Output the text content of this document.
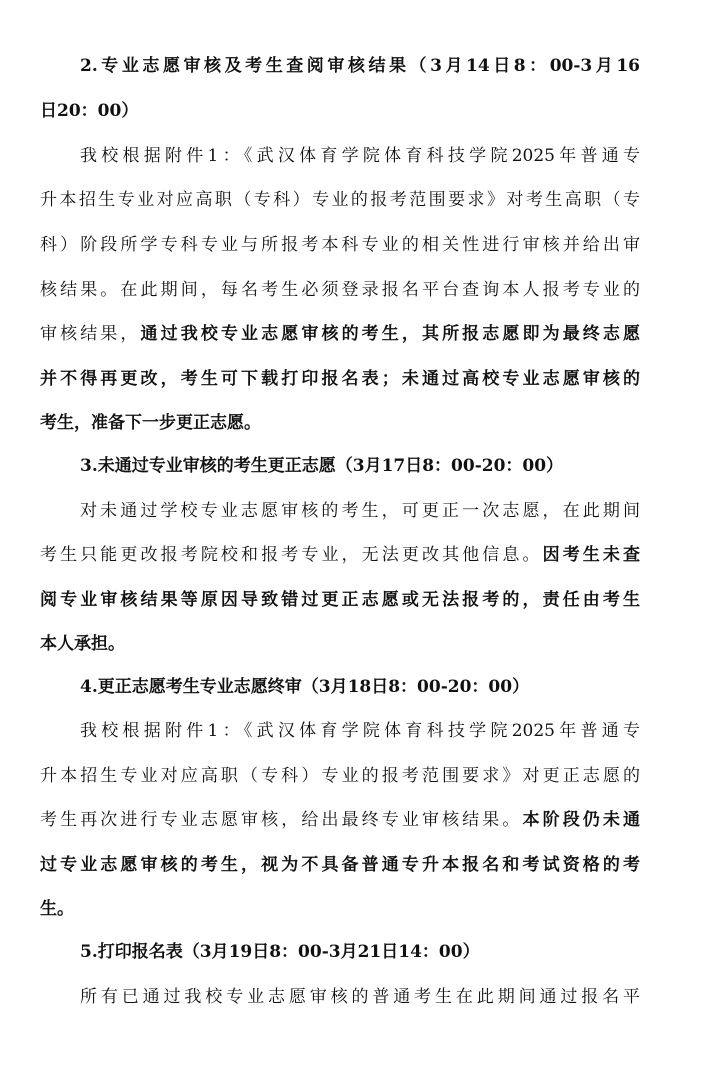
2.专业志愿审核及考生查阅审核结果（3月14日8：00-3月16
日20：00）
我校根据附件1：《武汉体育学院体育科技学院2025年普通专
升本招生专业对应高职（专科）专业的报考范围要求》对考生高职（专
科）阶段所学专科专业与所报考本科专业的相关性进行审核并给出审
核结果。在此期间，每名考生必须登录报名平台查询本人报考专业的
审核结果，通过我校专业志愿审核的考生，其所报志愿即为最终志愿
并不得再更改，考生可下载打印报名表；未通过高校专业志愿审核的
考生，准备下一步更正志愿。
3.未通过专业审核的考生更正志愿（3月17日8：00-20：00）
对未通过学校专业志愿审核的考生，可更正一次志愿，在此期间
考生只能更改报考院校和报考专业，无法更改其他信息。因考生未查
阅专业审核结果等原因导致错过更正志愿或无法报考的，责任由考生
本人承担。
4.更正志愿考生专业志愿终审（3月18日8：00-20：00）
我校根据附件1：《武汉体育学院体育科技学院2025年普通专
升本招生专业对应高职（专科）专业的报考范围要求》对更正志愿的
考生再次进行专业志愿审核，给出最终专业审核结果。本阶段仍未通
过专业志愿审核的考生，视为不具备普通专升本报名和考试资格的考
生。
5.打印报名表（3月19日8：00-3月21日14：00）
所有已通过我校专业志愿审核的普通考生在此期间通过报名平
